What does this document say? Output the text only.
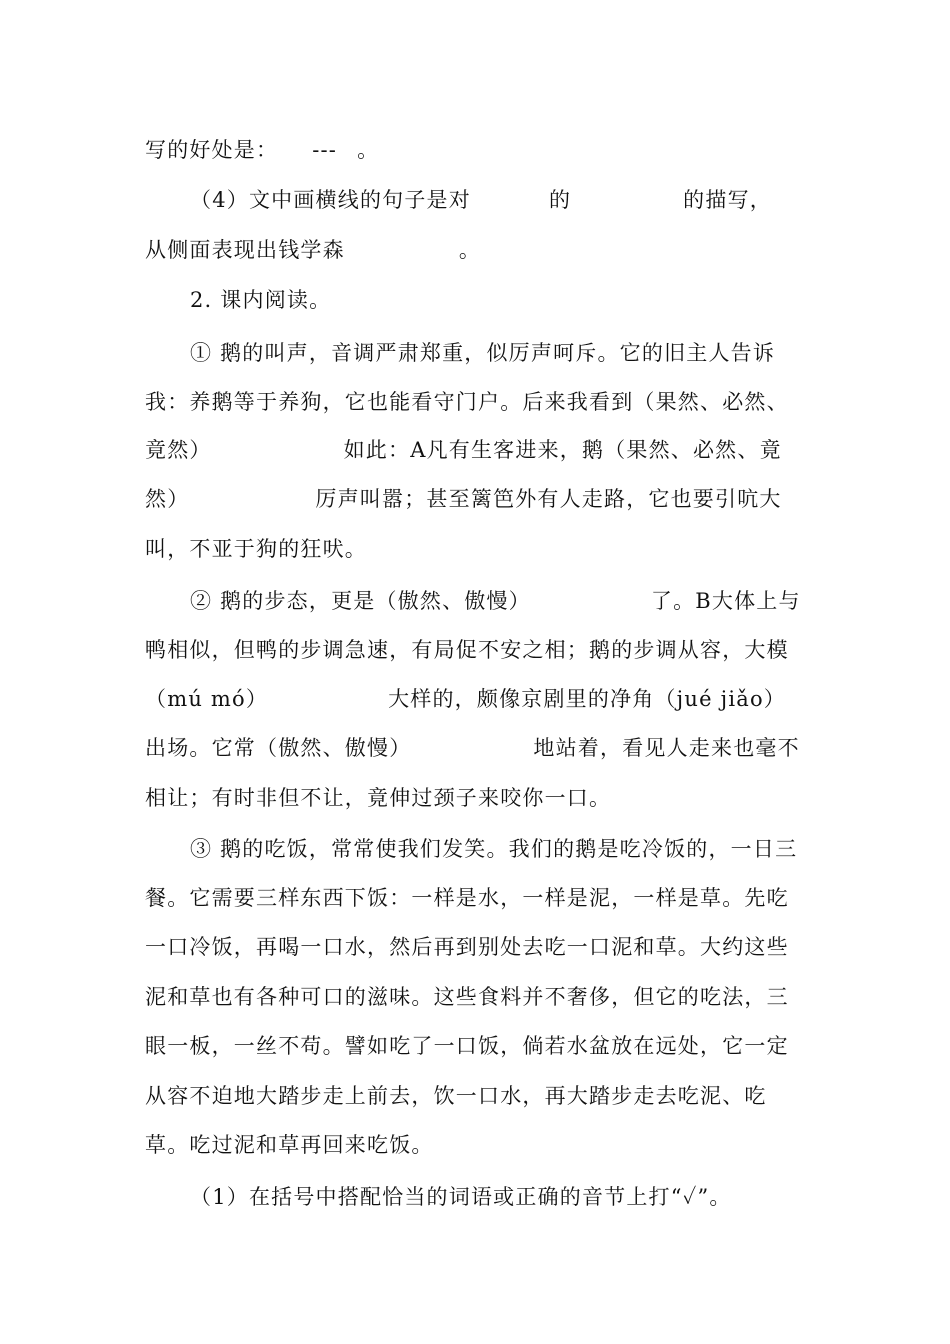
写的好处是： --- 。
（4）文中画横线的句子是对	的	的描写，
从侧面表现出钱学森	。
2. 课内阅读。
① 鹅的叫声，音调严肃郑重，似厉声呵斥。它的旧主人告诉
我：养鹅等于养狗，它也能看守门户。后来我看到（果然、必然、
竟然）	如此：A凡有生客进来，鹅（果然、必然、竟
然）	厉声叫嚣；甚至篱笆外有人走路，它也要引吭大
叫，不亚于狗的狂吠。
② 鹅的步态，更是（傲然、傲慢）	了。B大体上与
鸭相似，但鸭的步调急速，有局促不安之相；鹅的步调从容，大模
（mú mó）	大样的，颇像京剧里的净角（jué jiǎo）
出场。它常（傲然、傲慢）	地站着，看见人走来也毫不
相让；有时非但不让，竟伸过颈子来咬你一口。
③ 鹅的吃饭，常常使我们发笑。我们的鹅是吃冷饭的，一日三
餐。它需要三样东西下饭：一样是水，一样是泥，一样是草。先吃
一口冷饭，再喝一口水，然后再到别处去吃一口泥和草。大约这些
泥和草也有各种可口的滋味。这些食料并不奢侈，但它的吃法，三
眼一板，一丝不苟。譬如吃了一口饭，倘若水盆放在远处，它一定
从容不迫地大踏步走上前去，饮一口水，再大踏步走去吃泥、吃
草。吃过泥和草再回来吃饭。
（1）在括号中搭配恰当的词语或正确的音节上打“✓”。
